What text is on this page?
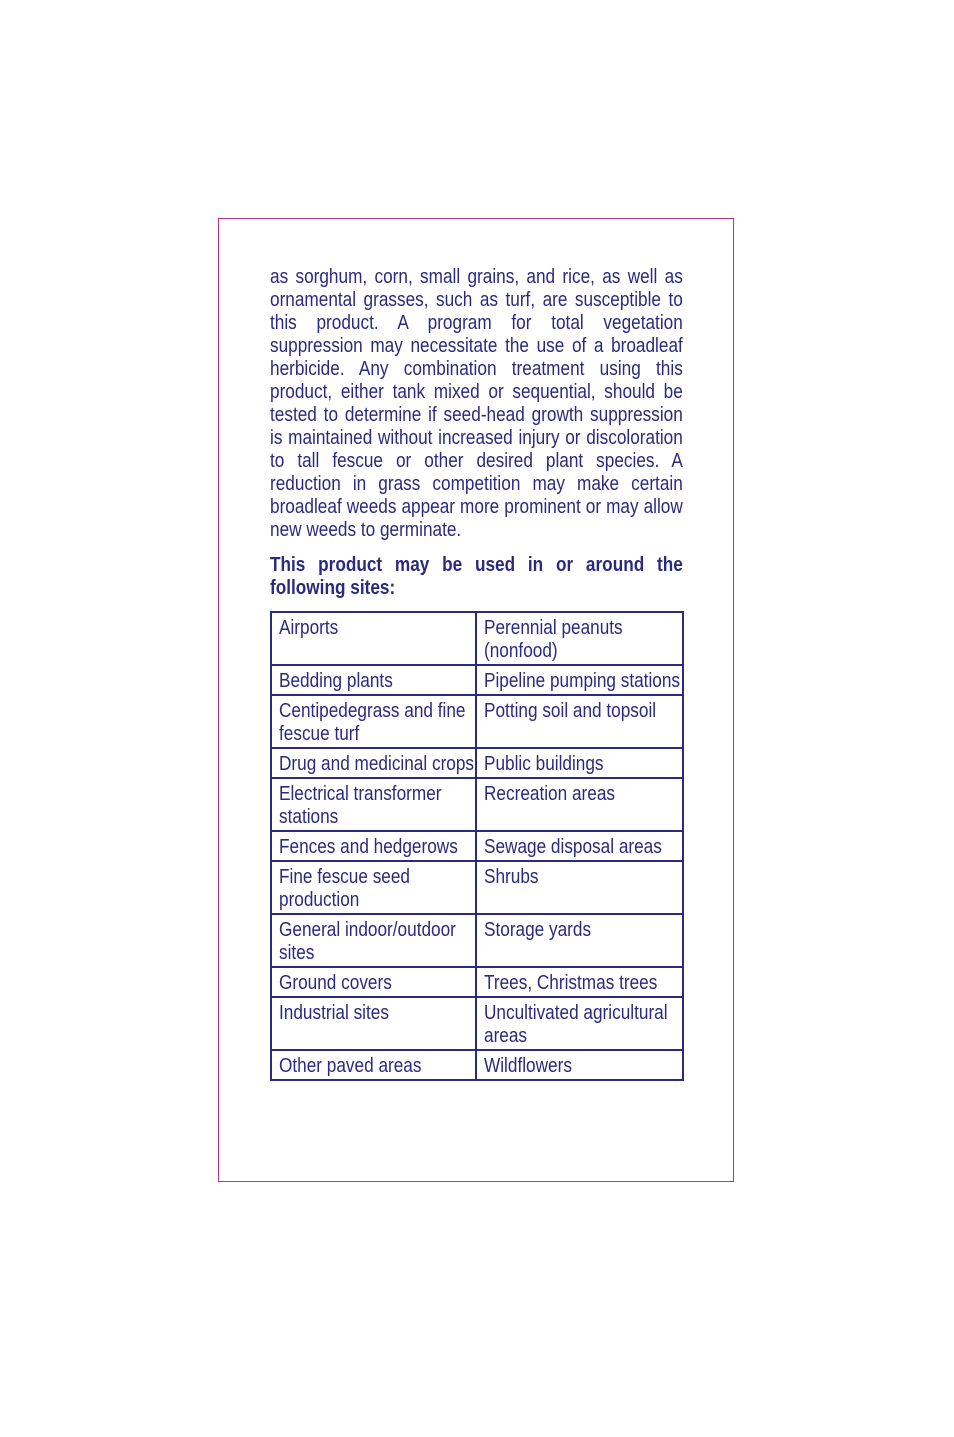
as sorghum, corn, small grains, and rice, as well as ornamental grasses, such as turf, are susceptible to this product. A program for total vegetation suppression may necessitate the use of a broadleaf herbicide. Any combination treatment using this product, either tank mixed or sequential, should be tested to determine if seed-head growth suppression is maintained without increased injury or discoloration to tall fescue or other desired plant species. A reduction in grass competition may make certain broadleaf weeds appear more prominent or may allow new weeds to germinate.

This product may be used in or around the following sites:

Airports	Perennial peanuts (nonfood)
Bedding plants	Pipeline pumping stations
Centipedegrass and fine fescue turf	Potting soil and topsoil
Drug and medicinal crops	Public buildings
Electrical transformer stations	Recreation areas
Fences and hedgerows	Sewage disposal areas
Fine fescue seed production	Shrubs
General indoor/outdoor sites	Storage yards
Ground covers	Trees, Christmas trees
Industrial sites	Uncultivated agricultural areas
Other paved areas	Wildflowers
